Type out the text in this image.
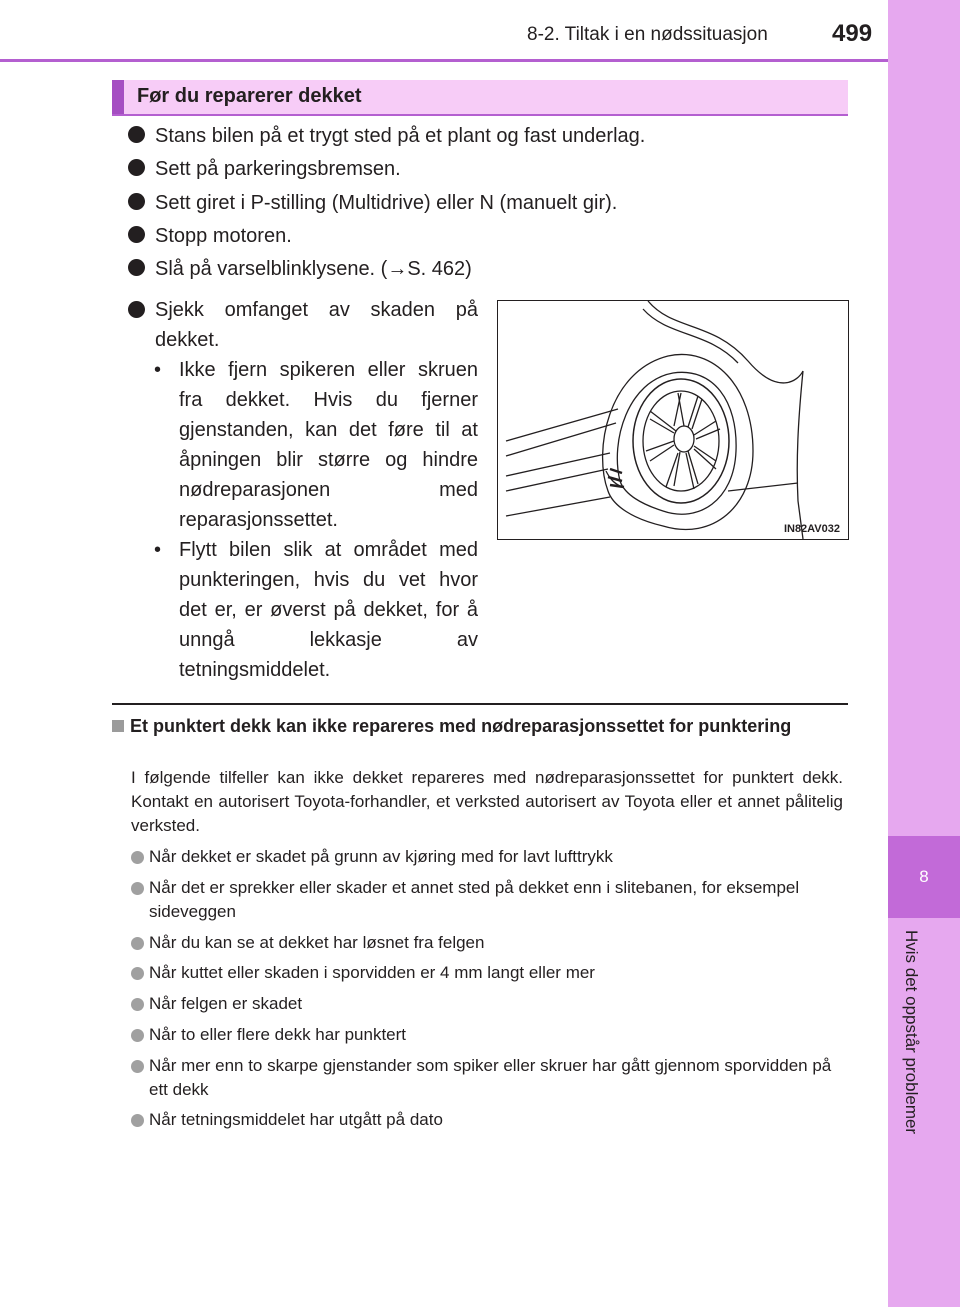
8-2. Tiltak i en nødssituasjon	499
8
Hvis det oppstår problemer
Før du reparerer dekket
Stans bilen på et trygt sted på et plant og fast underlag.
Sett på parkeringsbremsen.
Sett giret i P-stilling (Multidrive) eller N (manuelt gir).
Stopp motoren.
Slå på varselblinklysene. (→S. 462)
Sjekk omfanget av skaden på dekket.
• Ikke fjern spikeren eller skruen fra dekket. Hvis du fjerner gjenstanden, kan det føre til at åpningen blir større og hindre nødreparasjonen med reparasjonssettet.
• Flytt bilen slik at området med punkteringen, hvis du vet hvor det er, er øverst på dekket, for å unngå lekkasje av tetningsmiddelet.
IN82AV032
Et punktert dekk kan ikke repareres med nødreparasjonssettet for punktering
I følgende tilfeller kan ikke dekket repareres med nødreparasjonssettet for punktert dekk. Kontakt en autorisert Toyota-forhandler, et verksted autorisert av Toyota eller et annet pålitelig verksted.
Når dekket er skadet på grunn av kjøring med for lavt lufttrykk
Når det er sprekker eller skader et annet sted på dekket enn i slitebanen, for eksempel sideveggen
Når du kan se at dekket har løsnet fra felgen
Når kuttet eller skaden i sporvidden er 4 mm langt eller mer
Når felgen er skadet
Når to eller flere dekk har punktert
Når mer enn to skarpe gjenstander som spiker eller skruer har gått gjennom sporvidden på ett dekk
Når tetningsmiddelet har utgått på dato
